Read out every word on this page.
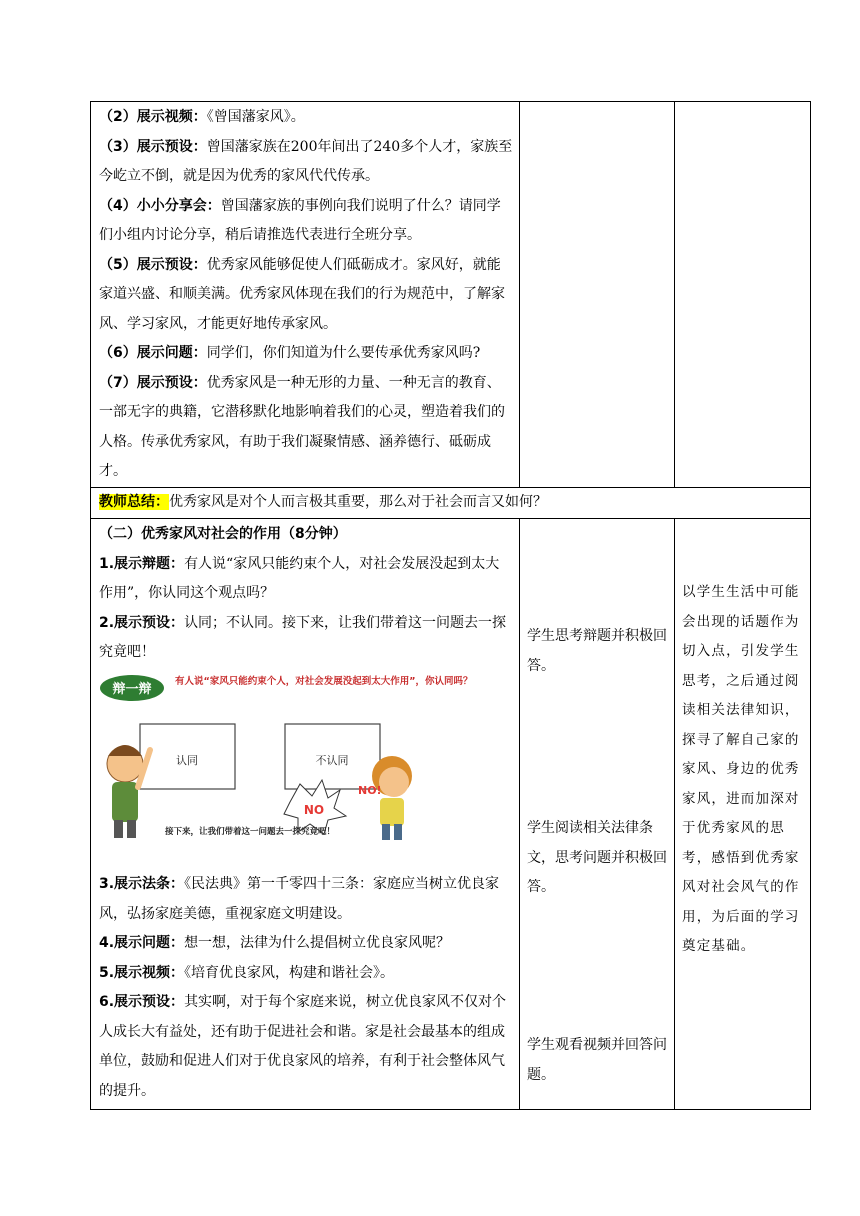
（2）展示视频：《曾国藩家风》。

（3）展示预设：曾国藩家族在200年间出了240多个人才，家族至今屹立不倒，就是因为优秀的家风代代传承。

（4）小小分享会：曾国藩家族的事例向我们说明了什么？请同学们小组内讨论分享，稍后请推选代表进行全班分享。

（5）展示预设：优秀家风能够促使人们砥砺成才。家风好，就能家道兴盛、和顺美满。优秀家风体现在我们的行为规范中，了解家风、学习家风，才能更好地传承家风。

（6）展示问题：同学们，你们知道为什么要传承优秀家风吗?

（7）展示预设：优秀家风是一种无形的力量、一种无言的教育、一部无字的典籍，它潜移默化地影响着我们的心灵，塑造着我们的人格。传承优秀家风，有助于我们凝聚情感、涵养德行、砥砺成才。

教师总结：优秀家风是对个人而言极其重要，那么对于社会而言又如何？

（二）优秀家风对社会的作用（8分钟）

1.展示辩题：有人说“家风只能约束个人，对社会发展没起到太大作用”，你认同这个观点吗？

2.展示预设：认同；不认同。接下来，让我们带着这一问题去一探究竟吧！

辩一辩
有人说“家风只能约束个人，对社会发展没起到太大作用”，你认同吗？
认同	不认同
NO
NO!
接下来，让我们带着这一问题去一探究竟吧！

3.展示法条：《民法典》第一千零四十三条：家庭应当树立优良家风，弘扬家庭美德，重视家庭文明建设。

4.展示问题：想一想，法律为什么提倡树立优良家风呢？

5.展示视频：《培育优良家风，构建和谐社会》。

6.展示预设：其实啊，对于每个家庭来说，树立优良家风不仅对个人成长大有益处，还有助于促进社会和谐。家是社会最基本的组成单位，鼓励和促进人们对于优良家风的培养，有利于社会整体风气的提升。

学生思考辩题并积极回答。
学生阅读相关法律条文，思考问题并积极回答。
学生观看视频并回答问题。
以学生生活中可能会出现的话题作为切入点，引发学生思考，之后通过阅读相关法律知识，探寻了解自己家的家风、身边的优秀家风，进而加深对于优秀家风的思考，感悟到优秀家风对社会风气的作用，为后面的学习奠定基础。
